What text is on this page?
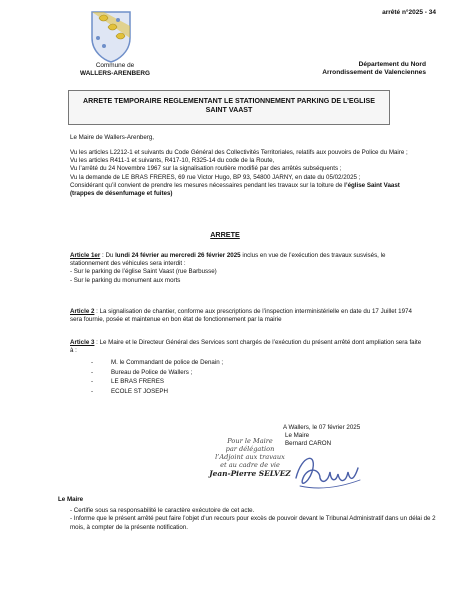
arrêté n°2025 - 34
Commune de
WALLERS-ARENBERG
Département du Nord
Arrondissement de Valenciennes
ARRETE TEMPORAIRE REGLEMENTANT LE STATIONNEMENT PARKING DE L’EGLISE SAINT VAAST
Le Maire de Wallers-Arenberg,
Vu les articles L2212-1 et suivants du Code Général des Collectivités Territoriales, relatifs aux pouvoirs de Police du Maire ;
Vu les articles R411-1 et suivants, R417-10, R325-14 du code de la Route,
Vu l’arrêté du 24 Novembre 1967 sur la signalisation routière modifié par des arrêtés subséquents ;
Vu la demande de LE BRAS FRERES, 69 rue Victor Hugo, BP 93, 54800 JARNY, en date du 05/02/2025 ;
Considérant qu’il convient de prendre les mesures nécessaires pendant les travaux sur la toiture de l’église Saint Vaast (trappes de désenfumage et fuites)
ARRETE
Article 1er : Du lundi 24 février au mercredi 26 février 2025 inclus en vue de l’exécution des travaux susvisés, le stationnement des véhicules sera interdit :
- Sur le parking de l’église Saint Vaast (rue Barbusse)
- Sur le parking du monument aux morts
Article 2 : La signalisation de chantier, conforme aux prescriptions de l’inspection interministérielle en date du 17 Juillet 1974 sera fournie, posée et maintenue en bon état de fonctionnement par la mairie
Article 3 : Le Maire et le Directeur Général des Services sont chargés de l’exécution du présent arrêté dont ampliation sera faite à :
- M. le Commandant de police de Denain ;
- Bureau de Police de Wallers ;
- LE BRAS FRERES
- ECOLE ST JOSEPH
A Wallers, le 07 février 2025
Le Maire
Bernard CARON
Pour le Maire
par délégation
l’Adjoint aux travaux
et au cadre de vie
Jean-Pierre SELVEZ
Le Maire
- Certifie sous sa responsabilité le caractère exécutoire de cet acte.
- Informe que le présent arrêté peut faire l’objet d’un recours pour excès de pouvoir devant le Tribunal Administratif dans un délai de 2 mois, à compter de la présente notification.
